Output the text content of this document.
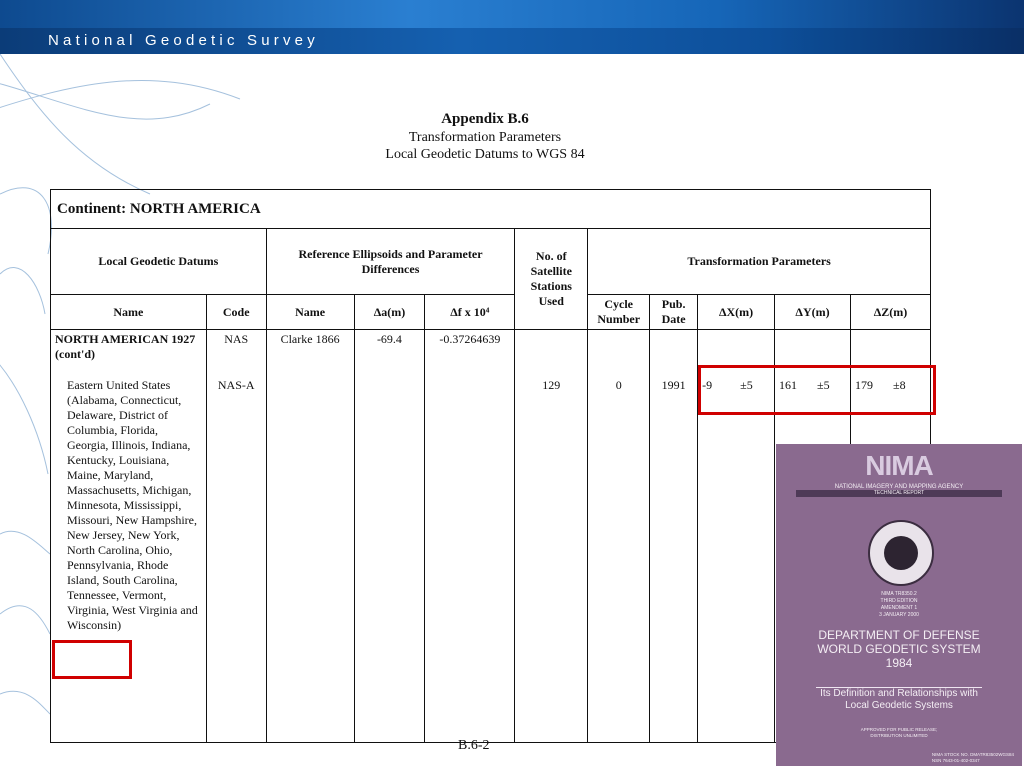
National Geodetic Survey
Appendix B.6
Transformation Parameters
Local Geodetic Datums to WGS 84
Continent: NORTH AMERICA										
Local Geodetic Datums		Reference Ellipsoids and Parameter Differences			No. of Satellite Stations Used	Transformation Parameters				
Name	Code	Name	Δa(m)	Δf x 10⁴		Cycle Number	Pub. Date	ΔX(m)	ΔY(m)	ΔZ(m)
NORTH AMERICAN 1927 (cont'd)	NAS	Clarke 1866	-69.4	-0.37264639						
Eastern United States (Alabama, Connecticut, Delaware, District of Columbia, Florida, Georgia, Illinois, Indiana, Kentucky, Louisiana, Maine, Maryland, Massachusetts, Michigan, Minnesota, Mississippi, Missouri, New Hampshire, New Jersey, New York, North Carolina, Ohio, Pennsylvania, Rhode Island, South Carolina, Tennessee, Vermont, Virginia, West Virginia and Wisconsin)	NAS-A				129	0	1991	-9 ±5	161 ±5	179 ±8
B.6-2
NIMA
NATIONAL IMAGERY AND MAPPING AGENCY
TECHNICAL REPORT
NIMA TR8350.2
THIRD EDITION
AMENDMENT 1
3 JANUARY 2000
DEPARTMENT OF DEFENSE
WORLD GEODETIC SYSTEM
1984
Its Definition and Relationships with
Local Geodetic Systems
APPROVED FOR PUBLIC RELEASE;
DISTRIBUTION UNLIMITED
NIMA STOCK NO. DMATR83502WGS84
NSN 7643-01-402-0347
